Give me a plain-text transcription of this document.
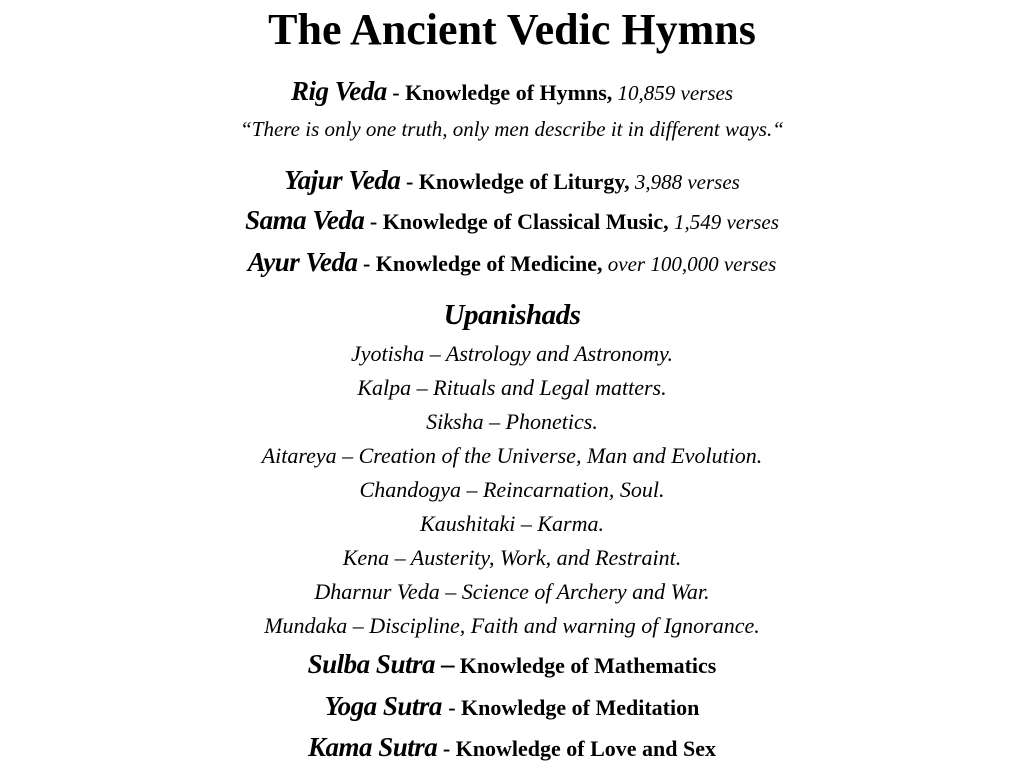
The Ancient Vedic Hymns
Rig Veda - Knowledge of Hymns, 10,859 verses
“There is only one truth, only men describe it in different ways.“
Yajur Veda - Knowledge of Liturgy, 3,988 verses
Sama Veda - Knowledge of Classical Music, 1,549 verses
Ayur Veda - Knowledge of Medicine, over 100,000 verses
Upanishads
Jyotisha – Astrology and Astronomy.
Kalpa – Rituals and Legal matters.
Siksha – Phonetics.
Aitareya – Creation of the Universe, Man and Evolution.
Chandogya – Reincarnation, Soul.
Kaushitaki – Karma.
Kena – Austerity, Work, and Restraint.
Dharnur Veda – Science of Archery and War.
Mundaka – Discipline, Faith and warning of Ignorance.
Sulba Sutra – Knowledge of Mathematics
Yoga Sutra - Knowledge of Meditation
Kama Sutra - Knowledge of Love and Sex
